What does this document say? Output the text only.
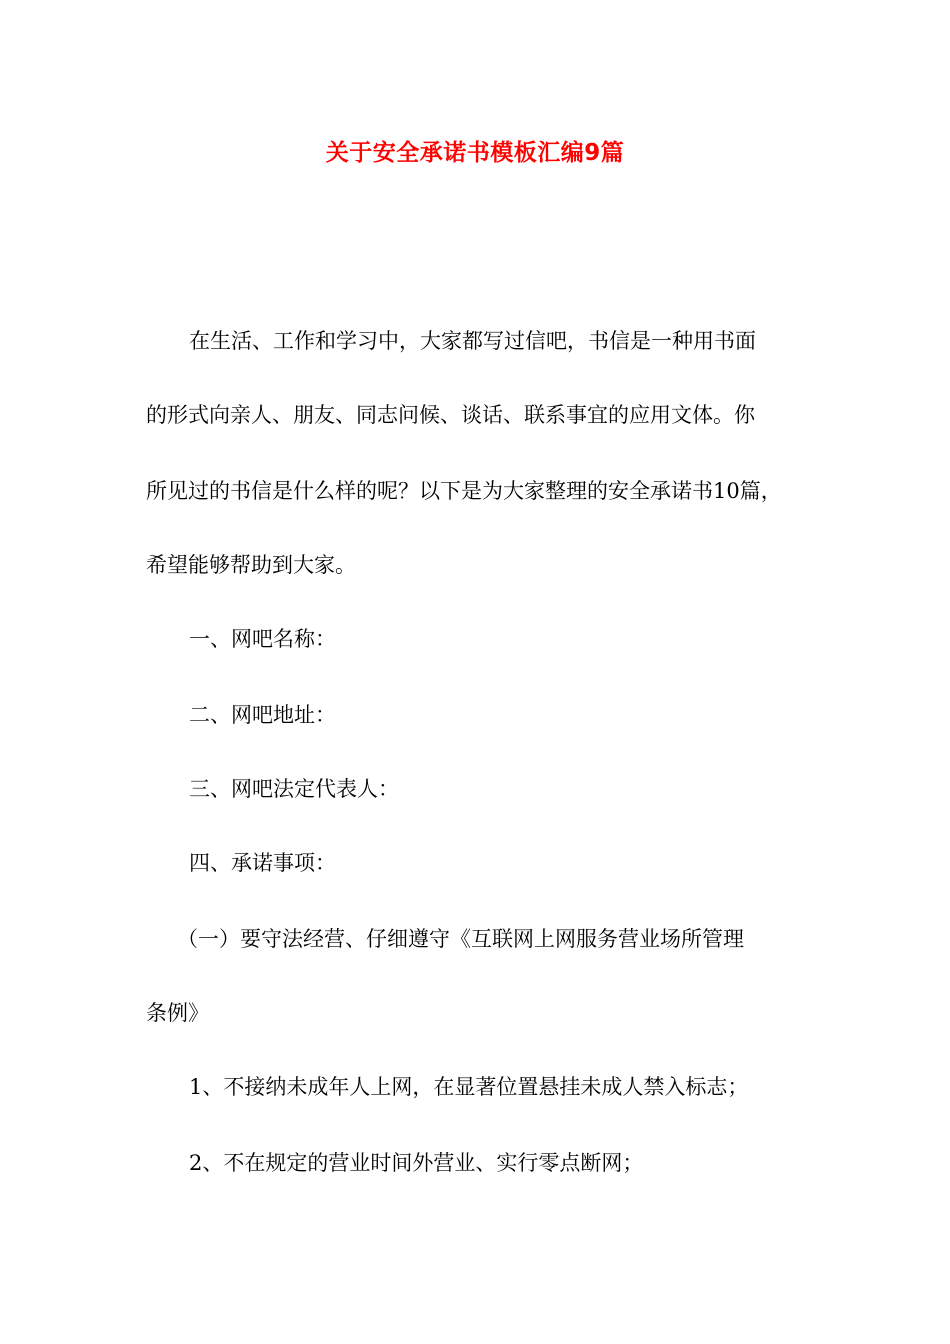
关于安全承诺书模板汇编9篇
在生活、工作和学习中，大家都写过信吧，书信是一种用书面
的形式向亲人、朋友、同志问候、谈话、联系事宜的应用文体。你
所见过的书信是什么样的呢？以下是为大家整理的安全承诺书10篇，
希望能够帮助到大家。
一、网吧名称：
二、网吧地址：
三、网吧法定代表人：
四、承诺事项：
（一）要守法经营、仔细遵守《互联网上网服务营业场所管理
条例》
1、不接纳未成年人上网，在显著位置悬挂未成人禁入标志；
2、不在规定的营业时间外营业、实行零点断网；
